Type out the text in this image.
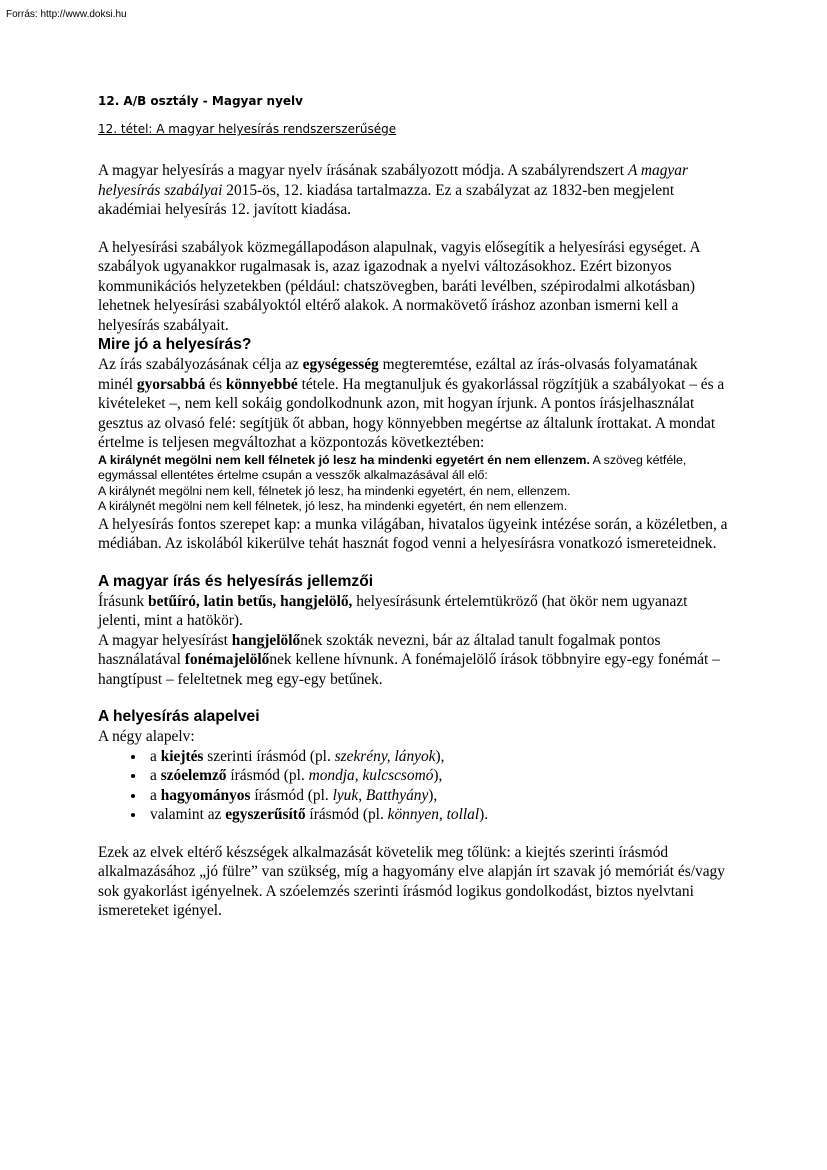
Forrás: http://www.doksi.hu
12. A/B osztály - Magyar nyelv
12. tétel: A magyar helyesírás rendszerszerűsége

A magyar helyesírás a magyar nyelv írásának szabályozott módja. A szabályrendszert A magyar helyesírás szabályai 2015-ös, 12. kiadása tartalmazza. Ez a szabályzat az 1832-ben megjelent akadémiai helyesírás 12. javított kiadása.

A helyesírási szabályok közmegállapodáson alapulnak, vagyis elősegítik a helyesírási egységet. A szabályok ugyanakkor rugalmasak is, azaz igazodnak a nyelvi változásokhoz. Ezért bizonyos kommunikációs helyzetekben (például: chatszövegben, baráti levélben, szépirodalmi alkotásban) lehetnek helyesírási szabályoktól eltérő alakok. A normakövető íráshoz azonban ismerni kell a helyesírás szabályait.

Mire jó a helyesírás?

Az írás szabályozásának célja az egységesség megteremtése, ezáltal az írás-olvasás folyamatának minél gyorsabbá és könnyebbé tétele. Ha megtanuljuk és gyakorlással rögzítjük a szabályokat – és a kivételeket –, nem kell sokáig gondolkodnunk azon, mit hogyan írjunk. A pontos írásjelhasználat gesztus az olvasó felé: segítjük őt abban, hogy könnyebben megértse az általunk írottakat. A mondat értelme is teljesen megváltozhat a központozás következtében:

A királynét megölni nem kell félnetek jó lesz ha mindenki egyetért én nem ellenzem. A szöveg kétféle, egymással ellentétes értelme csupán a vesszők alkalmazásával áll elő:

A királynét megölni nem kell, félnetek jó lesz, ha mindenki egyetért, én nem, ellenzem.

A királynét megölni nem kell félnetek, jó lesz, ha mindenki egyetért, én nem ellenzem.

A helyesírás fontos szerepet kap: a munka világában, hivatalos ügyeink intézése során, a közéletben, a médiában. Az iskolából kikerülve tehát hasznát fogod venni a helyesírásra vonatkozó ismereteidnek.

A magyar írás és helyesírás jellemzői

Írásunk betűíró, latin betűs, hangjelölő, helyesírásunk értelemtükröző (hat ökör nem ugyanazt jelenti, mint a hatökör).

A magyar helyesírást hangjelölőnek szokták nevezni, bár az általad tanult fogalmak pontos használatával fonémajelölőnek kellene hívnunk. A fonémajelölő írások többnyire egy-egy fonémát – hangtípust – feleltetnek meg egy-egy betűnek.

A helyesírás alapelvei

A négy alapelv:

• a kiejtés szerinti írásmód (pl. szekrény, lányok),
• a szóelemző írásmód (pl. mondja, kulcscsomó),
• a hagyományos írásmód (pl. lyuk, Batthyány),
• valamint az egyszerűsítő írásmód (pl. könnyen, tollal).

Ezek az elvek eltérő készségek alkalmazását követelik meg tőlünk: a kiejtés szerinti írásmód alkalmazásához „jó fülre” van szükség, míg a hagyomány elve alapján írt szavak jó memóriát és/vagy sok gyakorlást igényelnek. A szóelemzés szerinti írásmód logikus gondolkodást, biztos nyelvtani ismereteket igényel.
